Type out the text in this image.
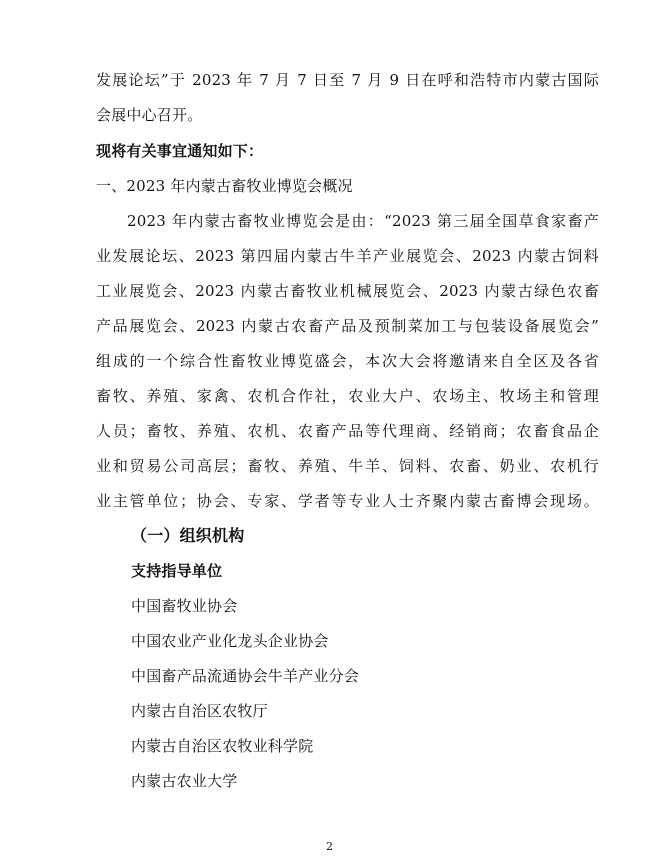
发展论坛”于 2023 年 7 月 7 日至 7 月 9 日在呼和浩特市内蒙古国际
会展中心召开。
现将有关事宜通知如下：
一、2023 年内蒙古畜牧业博览会概况
2023 年内蒙古畜牧业博览会是由：“2023 第三届全国草食家畜产
业发展论坛、2023 第四届内蒙古牛羊产业展览会、2023 内蒙古饲料
工业展览会、2023 内蒙古畜牧业机械展览会、2023 内蒙古绿色农畜
产品展览会、2023 内蒙古农畜产品及预制菜加工与包装设备展览会”
组成的一个综合性畜牧业博览盛会，本次大会将邀请来自全区及各省
畜牧、养殖、家禽、农机合作社，农业大户、农场主、牧场主和管理
人员；畜牧、养殖、农机、农畜产品等代理商、经销商；农畜食品企
业和贸易公司高层；畜牧、养殖、牛羊、饲料、农畜、奶业、农机行
业主管单位；协会、专家、学者等专业人士齐聚内蒙古畜博会现场。
（一）组织机构
支持指导单位
中国畜牧业协会
中国农业产业化龙头企业协会
中国畜产品流通协会牛羊产业分会
内蒙古自治区农牧厅
内蒙古自治区农牧业科学院
内蒙古农业大学
2
